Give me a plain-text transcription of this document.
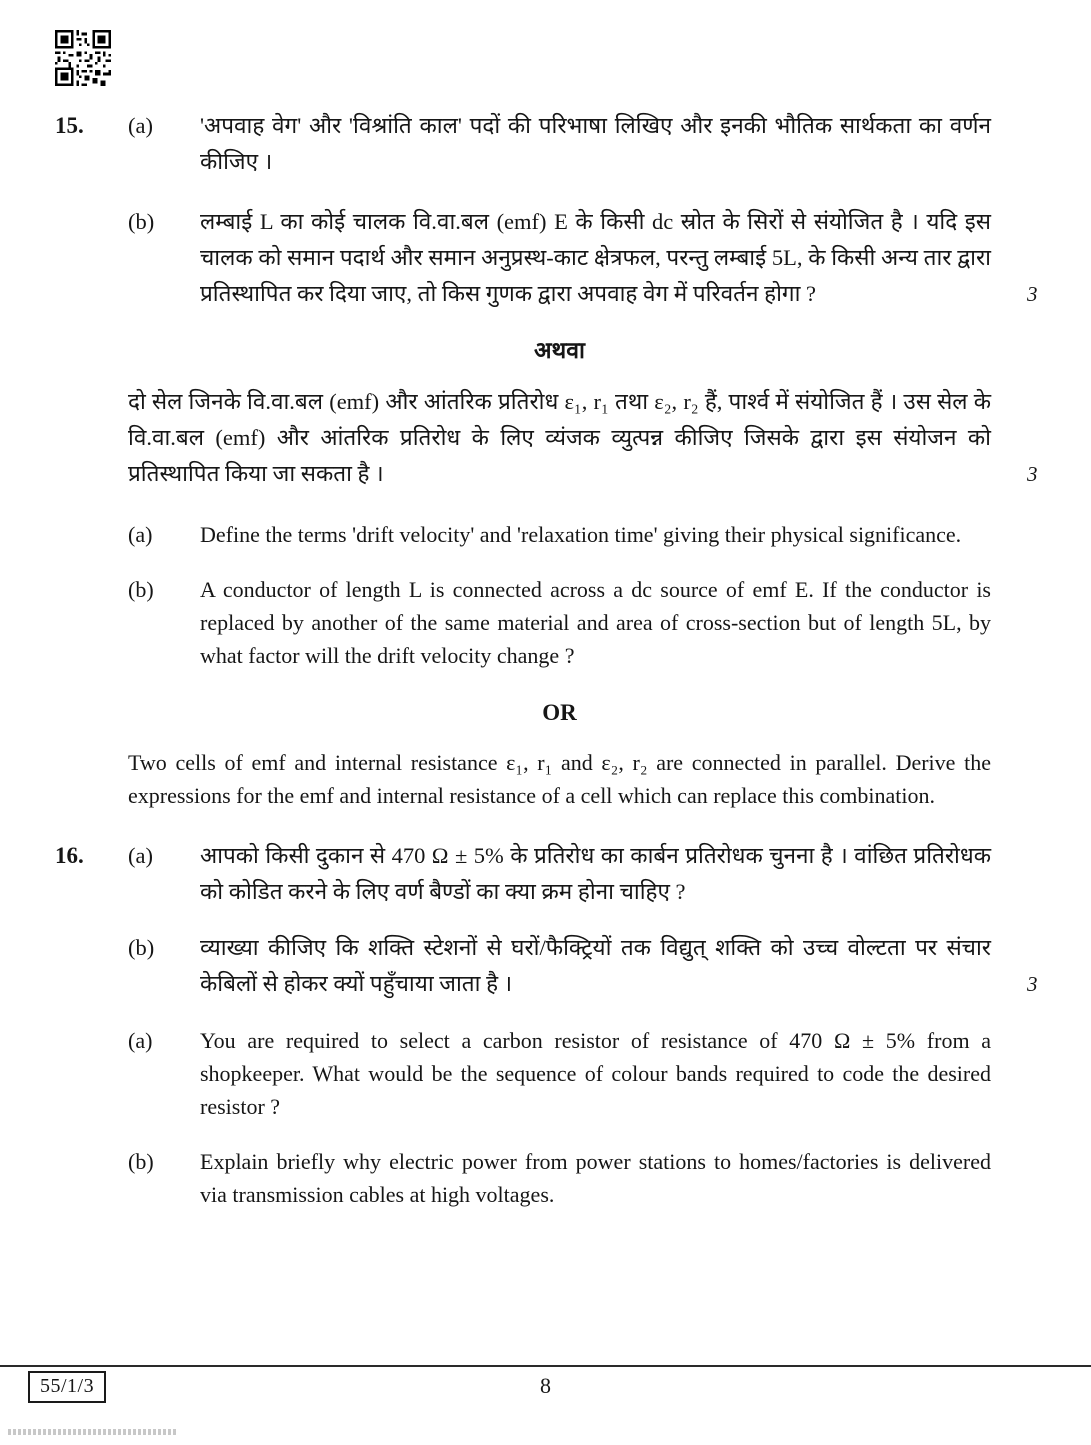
15.	(a)	'अपवाह वेग' और 'विश्रांति काल' पदों की परिभाषा लिखिए और इनकी भौतिक सार्थकता का वर्णन कीजिए ।
(b)	लम्बाई L का कोई चालक वि.वा.बल (emf) E के किसी dc स्रोत के सिरों से संयोजित है । यदि इस चालक को समान पदार्थ और समान अनुप्रस्थ-काट क्षेत्रफल, परन्तु लम्बाई 5L, के किसी अन्य तार द्वारा प्रतिस्थापित कर दिया जाए, तो किस गुणक द्वारा अपवाह वेग में परिवर्तन होगा ?	3
अथवा
दो सेल जिनके वि.वा.बल (emf) और आंतरिक प्रतिरोध ε₁, r₁ तथा ε₂, r₂ हैं, पार्श्व में संयोजित हैं । उस सेल के वि.वा.बल (emf) और आंतरिक प्रतिरोध के लिए व्यंजक व्युत्पन्न कीजिए जिसके द्वारा इस संयोजन को प्रतिस्थापित किया जा सकता है ।	3
(a)	Define the terms 'drift velocity' and 'relaxation time' giving their physical significance.
(b)	A conductor of length L is connected across a dc source of emf E. If the conductor is replaced by another of the same material and area of cross-section but of length 5L, by what factor will the drift velocity change ?
OR
Two cells of emf and internal resistance ε₁, r₁ and ε₂, r₂ are connected in parallel. Derive the expressions for the emf and internal resistance of a cell which can replace this combination.
16.	(a)	आपको किसी दुकान से 470 Ω ± 5% के प्रतिरोध का कार्बन प्रतिरोधक चुनना है । वांछित प्रतिरोधक को कोडित करने के लिए वर्ण बैण्डों का क्या क्रम होना चाहिए ?
(b)	व्याख्या कीजिए कि शक्ति स्टेशनों से घरों/फैक्ट्रियों तक विद्युत् शक्ति को उच्च वोल्टता पर संचार केबिलों से होकर क्यों पहुँचाया जाता है ।	3
(a)	You are required to select a carbon resistor of resistance of 470 Ω ± 5% from a shopkeeper. What would be the sequence of colour bands required to code the desired resistor ?
(b)	Explain briefly why electric power from power stations to homes/factories is delivered via transmission cables at high voltages.
55/1/3	8
